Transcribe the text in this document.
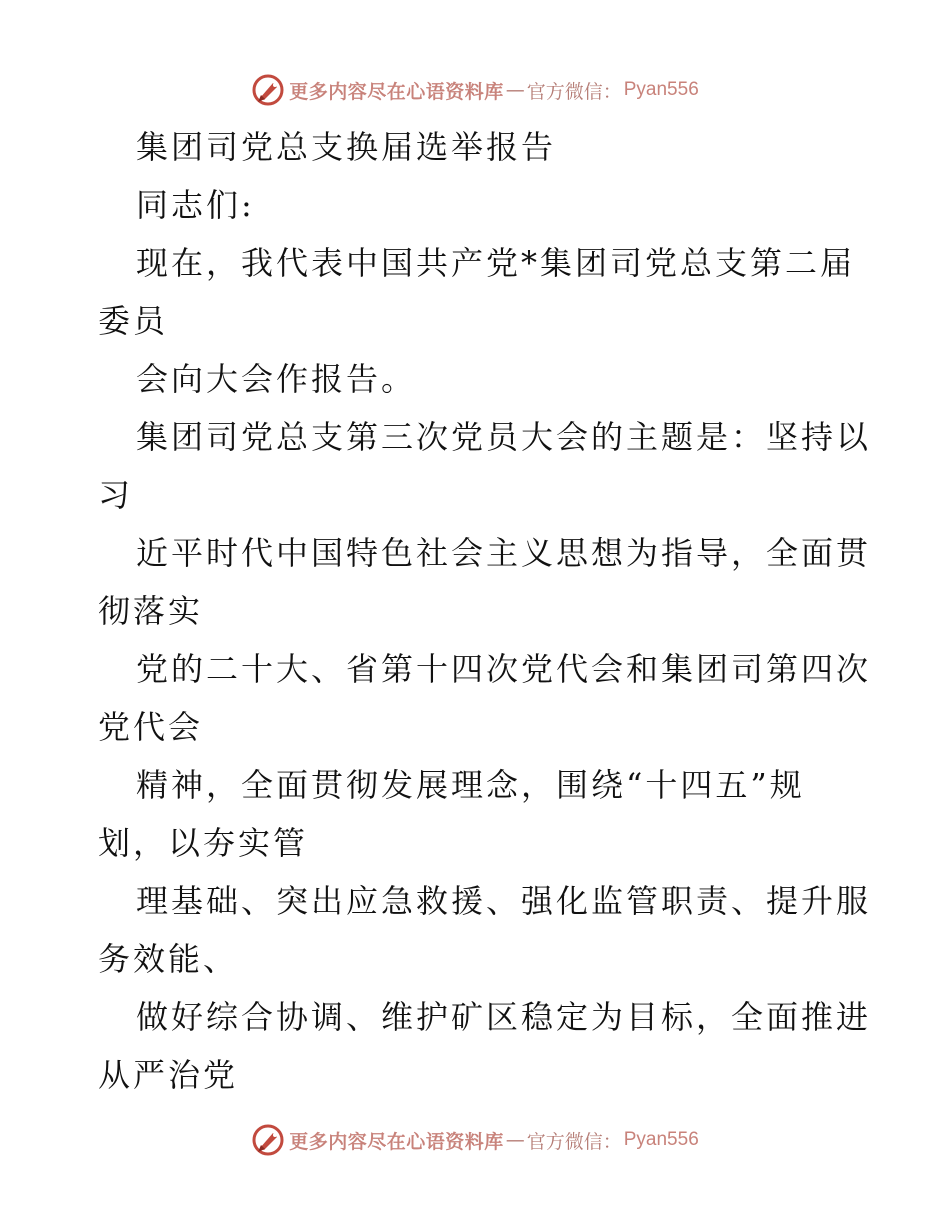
更多内容尽在心语资料库 — 官方微信： Pyan556
集团司党总支换届选举报告
同志们:
现在，我代表中国共产党*集团司党总支第二届
委员
会向大会作报告。
集团司党总支第三次党员大会的主题是：坚持以
习
近平时代中国特色社会主义思想为指导，全面贯
彻落实
党的二十大、省第十四次党代会和集团司第四次
党代会
精神，全面贯彻发展理念，围绕“十四五”规
划，以夯实管
理基础、突出应急救援、强化监管职责、提升服
务效能、
做好综合协调、维护矿区稳定为目标，全面推进
从严治党
更多内容尽在心语资料库 — 官方微信： Pyan556
